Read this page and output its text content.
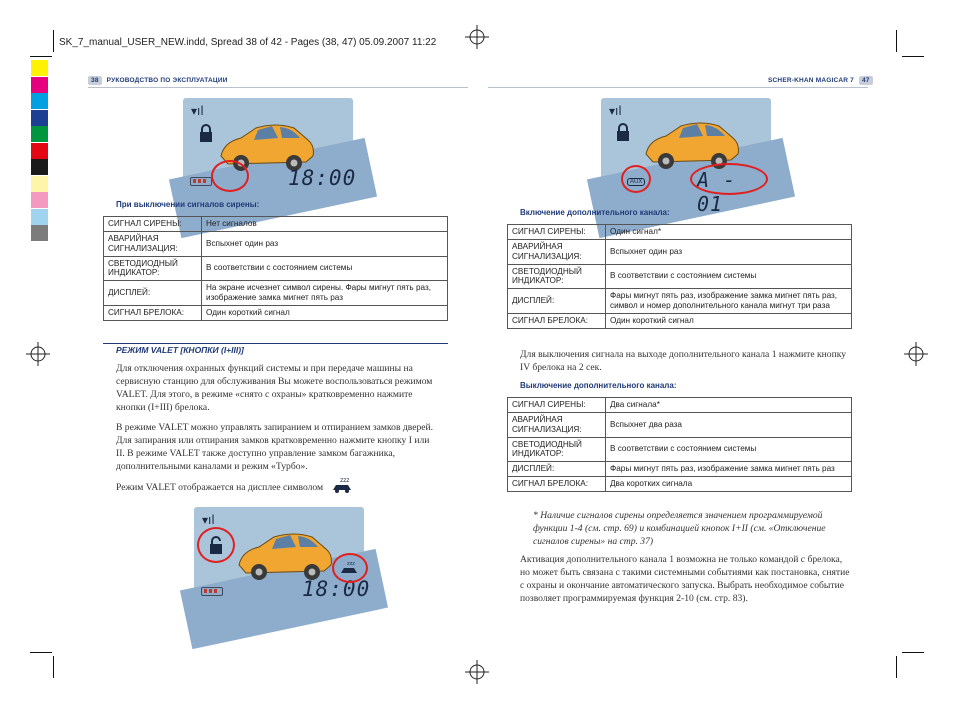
SK_7_manual_USER_NEW.indd, Spread 38 of 42 - Pages (38, 47) 05.09.2007 11:22
38	РУКОВОДСТВО ПО ЭКСПЛУАТАЦИИ	SCHER-KHAN MAGICAR 7	47
▾ıl
18:00
При выключении сигналов сирены:
СИГНАЛ СИРЕНЫ:	Нет сигналов
АВАРИЙНАЯ СИГНАЛИЗАЦИЯ:	Вспыхнет один раз
СВЕТОДИОДНЫЙ ИНДИКАТОР:	В соответствии с состоянием системы
ДИСПЛЕЙ:	На экране исчезнет символ сирены. Фары мигнут пять раз, изображение замка мигнет пять раз
СИГНАЛ БРЕЛОКА:	Один короткий сигнал
РЕЖИМ VALET [КНОПКИ (I+III)]
Для отключения охранных функций системы и при передаче машины на сервисную станцию для обслуживания Вы можете воспользоваться режимом VALET. Для этого, в режиме «снято с охраны» кратковременно нажмите кнопки (I+III) брелока.
В режиме VALET можно управлять запиранием и отпиранием замков дверей. Для запирания или отпирания замков кратковременно нажмите кнопку I или II. В режиме VALET также доступно управление замком багажника, дополнительными каналами и режим «Турбо».
Режим VALET отображается на дисплее символом
zzz
▾ıl
zzz
18:00
▾ıl
AUX	A - 01
Включение дополнительного канала:
СИГНАЛ СИРЕНЫ:	Один сигнал*
АВАРИЙНАЯ СИГНАЛИЗАЦИЯ:	Вспыхнет один раз
СВЕТОДИОДНЫЙ ИНДИКАТОР:	В соответствии с состоянием системы
ДИСПЛЕЙ:	Фары мигнут пять раз, изображение замка мигнет пять раз, символ и номер дополнительного канала мигнут три раза
СИГНАЛ БРЕЛОКА:	Один короткий сигнал
Для выключения сигнала на выходе дополнительного канала 1 нажмите кнопку IV брелока на 2 сек.
Выключение дополнительного канала:
СИГНАЛ СИРЕНЫ:	Два сигнала*
АВАРИЙНАЯ СИГНАЛИЗАЦИЯ:	Вспыхнет два раза
СВЕТОДИОДНЫЙ ИНДИКАТОР:	В соответствии с состоянием системы
ДИСПЛЕЙ:	Фары мигнут пять раз, изображение замка мигнет пять раз
СИГНАЛ БРЕЛОКА:	Два коротких сигнала
* Наличие сигналов сирены определяется значением программируемой функции 1-4 (см. стр. 69) и комбинацией кнопок I+II (см. «Отключение сигналов сирены» на стр. 37)
Активация дополнительного канала 1 возможна не только командой с брелока, но может быть связана с такими системными событиями как постановка, снятие с охраны и окончание автоматического запуска. Выбрать необходимое событие позволяет программируемая функция 2-10 (см. стр. 83).
